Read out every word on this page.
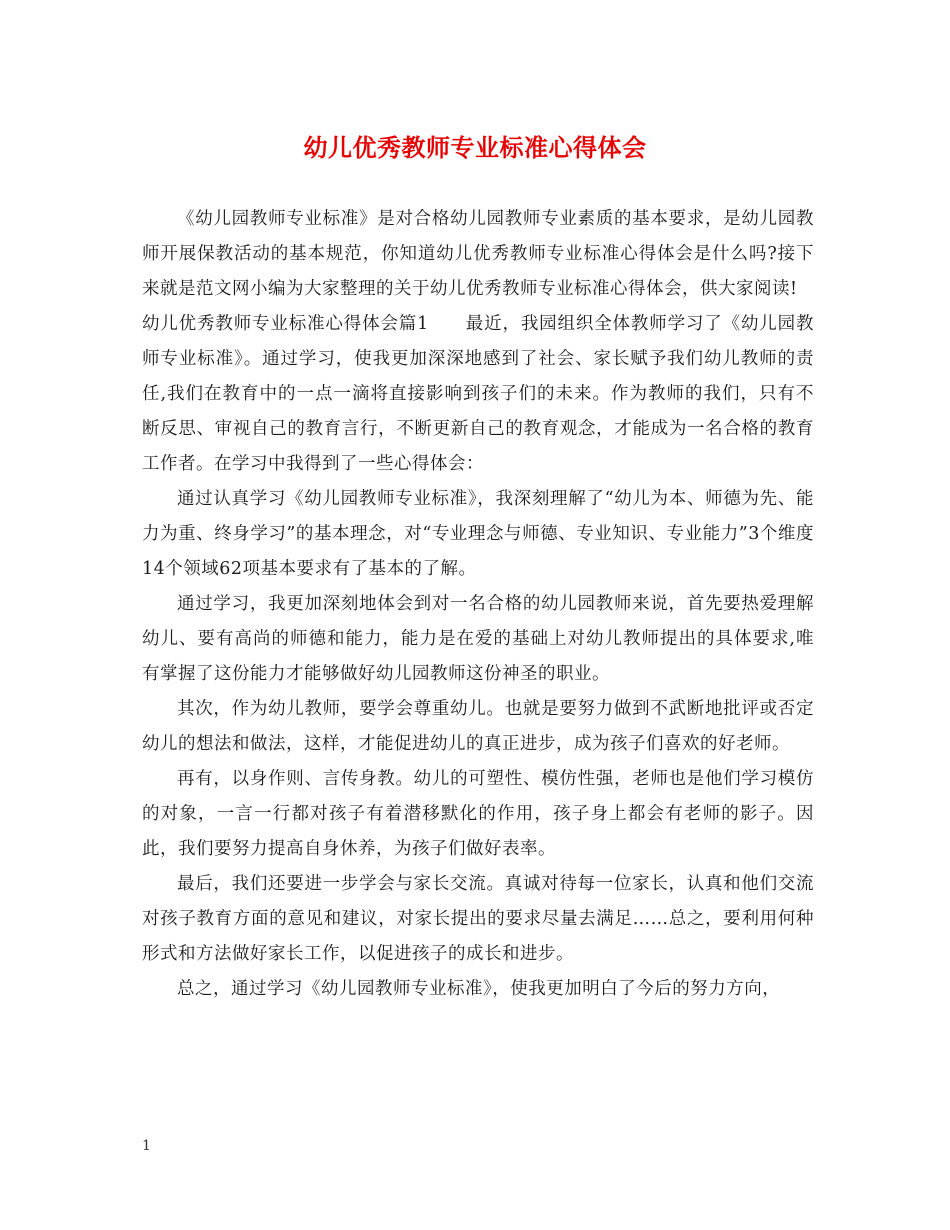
幼儿优秀教师专业标准心得体会

《幼儿园教师专业标准》是对合格幼儿园教师专业素质的基本要求，是幼儿园教师开展保教活动的基本规范，你知道幼儿优秀教师专业标准心得体会是什么吗?接下来就是范文网小编为大家整理的关于幼儿优秀教师专业标准心得体会，供大家阅读!

幼儿优秀教师专业标准心得体会篇1　　最近，我园组织全体教师学习了《幼儿园教师专业标准》。通过学习，使我更加深深地感到了社会、家长赋予我们幼儿教师的责任,我们在教育中的一点一滴将直接影响到孩子们的未来。作为教师的我们，只有不断反思、审视自己的教育言行，不断更新自己的教育观念，才能成为一名合格的教育工作者。在学习中我得到了一些心得体会：

通过认真学习《幼儿园教师专业标准》，我深刻理解了“幼儿为本、师德为先、能力为重、终身学习”的基本理念，对“专业理念与师德、专业知识、专业能力”3个维度14个领域62项基本要求有了基本的了解。

通过学习，我更加深刻地体会到对一名合格的幼儿园教师来说，首先要热爱理解幼儿、要有高尚的师德和能力，能力是在爱的基础上对幼儿教师提出的具体要求,唯有掌握了这份能力才能够做好幼儿园教师这份神圣的职业。

其次，作为幼儿教师，要学会尊重幼儿。也就是要努力做到不武断地批评或否定幼儿的想法和做法，这样，才能促进幼儿的真正进步，成为孩子们喜欢的好老师。

再有，以身作则、言传身教。幼儿的可塑性、模仿性强，老师也是他们学习模仿的对象，一言一行都对孩子有着潜移默化的作用，孩子身上都会有老师的影子。因此，我们要努力提高自身休养，为孩子们做好表率。

最后，我们还要进一步学会与家长交流。真诚对待每一位家长，认真和他们交流对孩子教育方面的意见和建议，对家长提出的要求尽量去满足……总之，要利用何种形式和方法做好家长工作，以促进孩子的成长和进步。

总之，通过学习《幼儿园教师专业标准》，使我更加明白了今后的努力方向，

1
